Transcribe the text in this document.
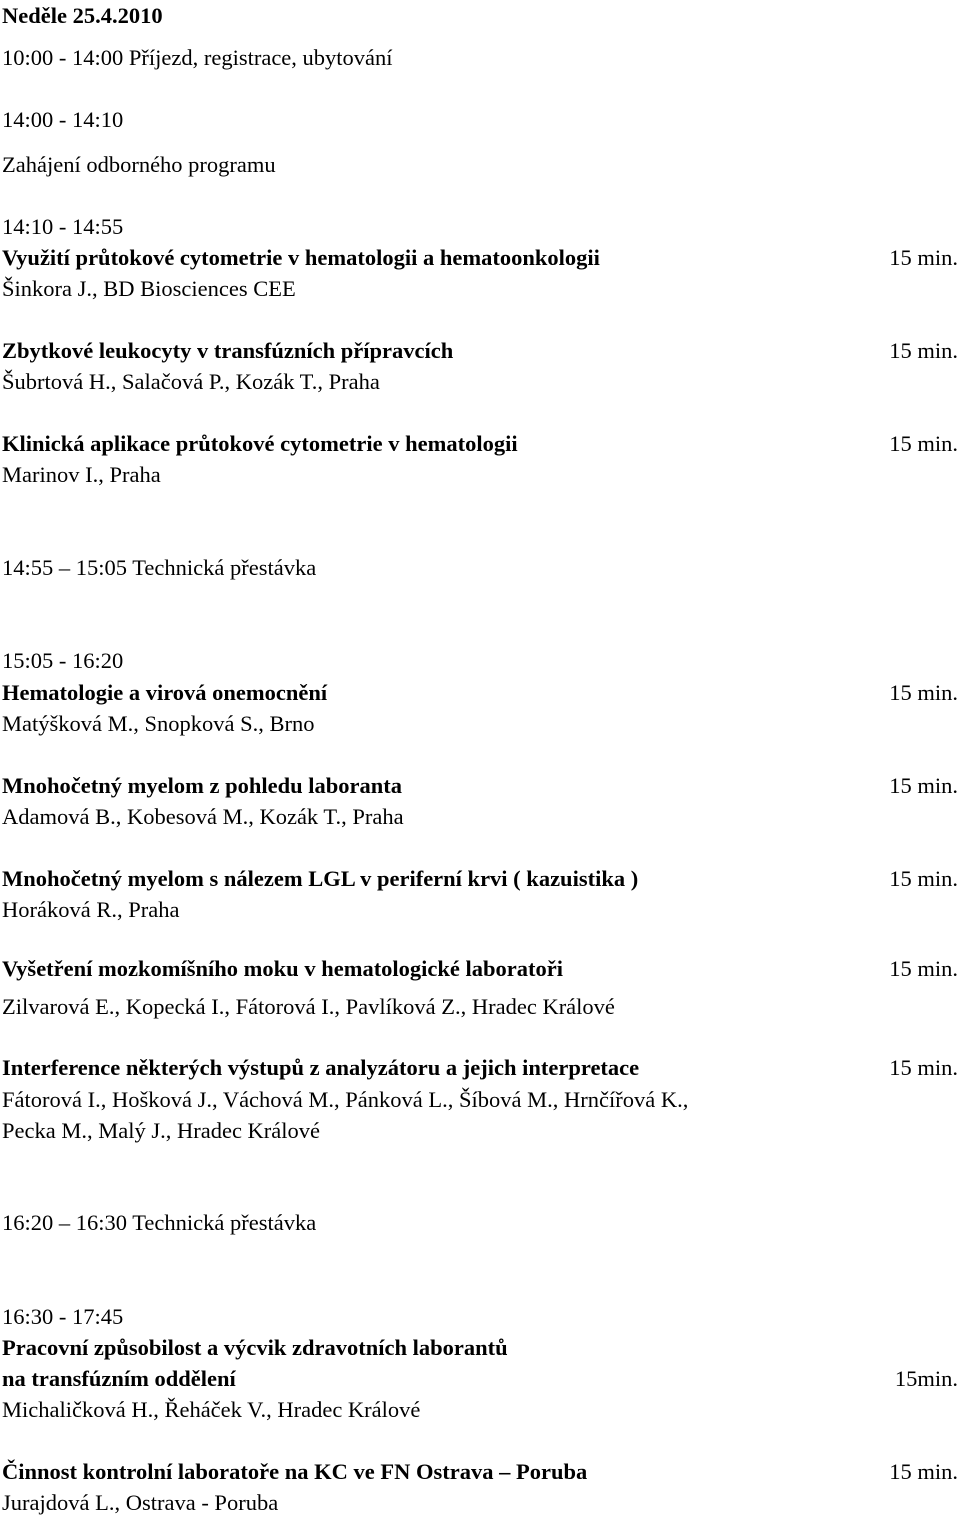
Neděle 25.4.2010
10:00 - 14:00 Příjezd, registrace, ubytování
14:00 - 14:10
Zahájení odborného programu
14:10 - 14:55
Využití průtokové cytometrie v hematologii a hematoonkologii	15 min.
Šinkora J., BD Biosciences CEE
Zbytkové leukocyty v transfúzních přípravcích	15 min.
Šubrtová H., Salačová P., Kozák T., Praha
Klinická aplikace průtokové cytometrie v hematologii	15 min.
Marinov I., Praha
14:55 – 15:05 Technická přestávka
15:05 - 16:20
Hematologie a virová onemocnění	15 min.
Matýšková M., Snopková S., Brno
Mnohočetný myelom z pohledu laboranta	15 min.
Adamová B., Kobesová M., Kozák T., Praha
Mnohočetný myelom s nálezem LGL v periferní krvi ( kazuistika )	15 min.
Horáková R., Praha
Vyšetření mozkomíšního moku v hematologické laboratoři	15 min.
Zilvarová E., Kopecká I., Fátorová I., Pavlíková Z., Hradec Králové
Interference některých výstupů z analyzátoru a jejich interpretace	15 min.
Fátorová I., Hošková J., Váchová M., Pánková L., Šíbová M., Hrnčířová K.,
Pecka M., Malý J., Hradec Králové
16:20 – 16:30 Technická přestávka
16:30 - 17:45
Pracovní způsobilost a výcvik zdravotních laborantů
na transfúzním oddělení	15min.
Michaličková H., Řeháček V., Hradec Králové
Činnost kontrolní laboratoře na KC ve FN Ostrava – Poruba	15 min.
Jurajdová L., Ostrava - Poruba
